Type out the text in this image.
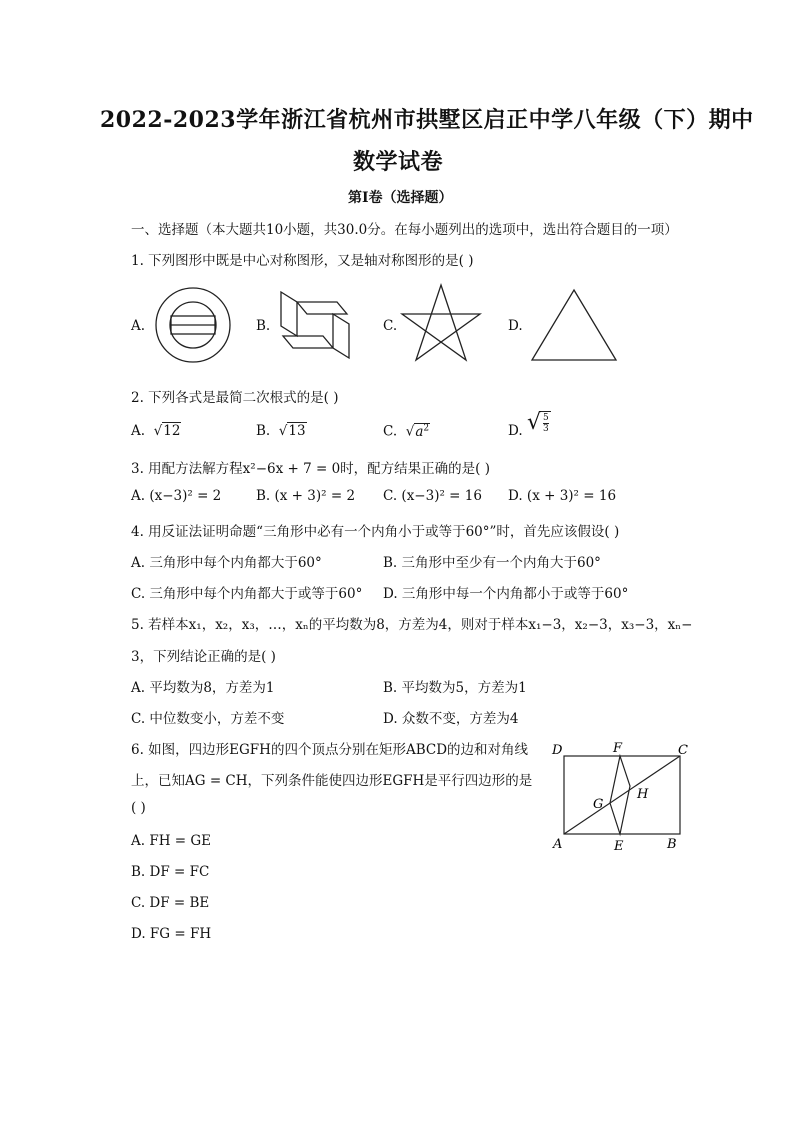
2022-2023学年浙江省杭州市拱墅区启正中学八年级（下）期中
数学试卷
第Ⅰ卷（选择题）
一、选择题（本大题共10小题，共30.0分。在每小题列出的选项中，选出符合题目的一项）
1. 下列图形中既是中心对称图形，又是轴对称图形的是( )
A.	B.	C.	D.
2. 下列各式是最简二次根式的是( )
A.  √12	B.  √13	C.  $√a^2$	D. √ $\frac{5}{3}$
3. 用配方法解方程x²−6x + 7 = 0时，配方结果正确的是( )
A. (x−3)² = 2	B. (x + 3)² = 2 C. (x−3)² = 16 D. (x + 3)² = 16
4. 用反证法证明命题“三角形中必有一个内角小于或等于60°”时，首先应该假设( )
A. 三角形中每个内角都大于60°	B. 三角形中至少有一个内角大于60°
C. 三角形中每个内角都大于或等于60° D. 三角形中每一个内角都小于或等于60°
5. 若样本x₁，x₂，x₃，…，xₙ的平均数为8，方差为4，则对于样本x₁−3，x₂−3，x₃−3，xₙ−
3，下列结论正确的是( )
A. 平均数为8，方差为1	B. 平均数为5，方差为1
C. 中位数变小，方差不变	D. 众数不变，方差为4
6. 如图，四边形EGFH的四个顶点分别在矩形ABCD的边和对角线
上，已知AG = CH，下列条件能使四边形EGFH是平行四边形的是
( )
A. FH = GE
B. DF = FC
C. DF = BE
D. FG = FH
D	F	C
G
H
A	E	B
